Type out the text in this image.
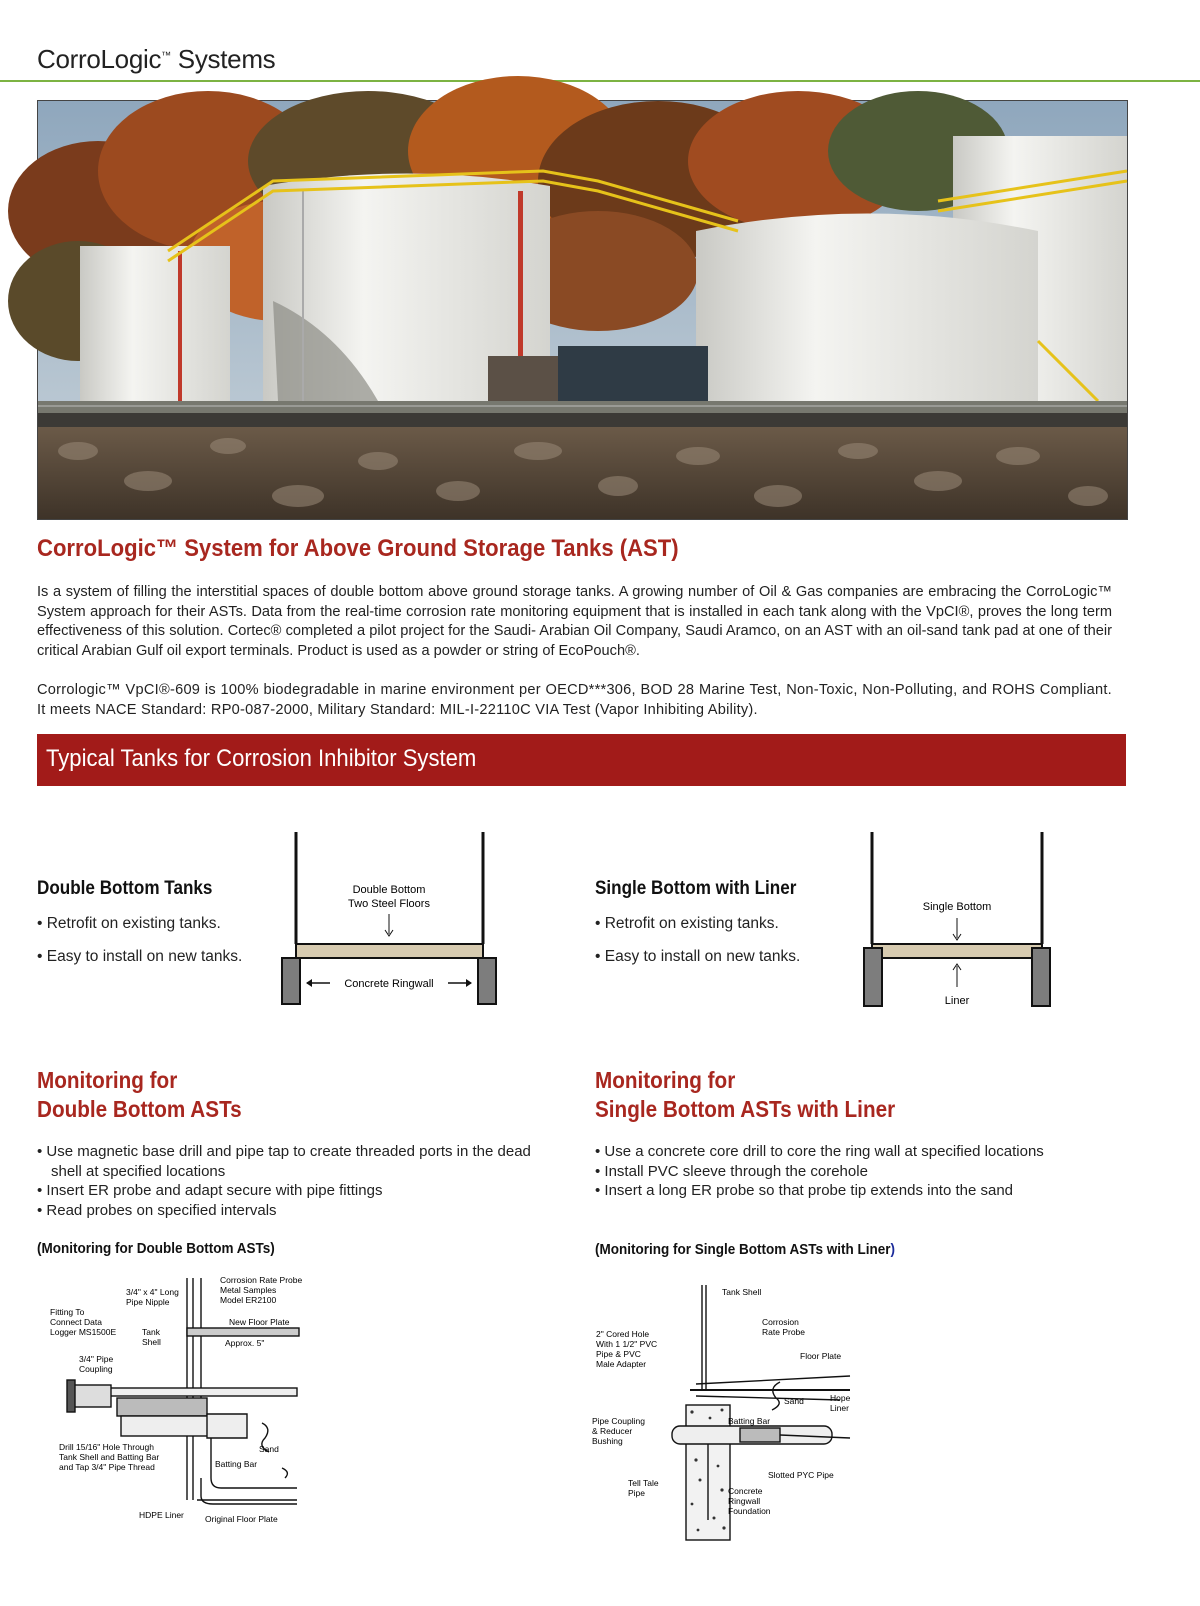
CorroLogic™ Systems
CorroLogic™ System for Above Ground Storage Tanks (AST)
Is a system of filling the interstitial spaces of double bottom above ground storage tanks. A growing number of Oil & Gas companies are embracing the CorroLogic™ System approach for their ASTs. Data from the real-time corrosion rate monitoring equipment that is installed in each tank along with the VpCI®, proves the long term effectiveness of this solution. Cortec® completed a pilot project for the Saudi- Arabian Oil Company, Saudi Aramco, on an AST with an oil-sand tank pad at one of their critical Arabian Gulf oil export terminals. Product is used as a powder or string of EcoPouch®.
Corrologic™ VpCI®-609 is 100% biodegradable in marine environment per OECD***306, BOD 28 Marine Test, Non-Toxic, Non-Polluting, and ROHS Compliant. It meets NACE Standard: RP0-087-2000, Military Standard: MIL-I-22110C VIA Test (Vapor Inhibiting Ability).
Typical Tanks for Corrosion Inhibitor System
Double Bottom Tanks
• Retrofit on existing tanks.
• Easy to install on new tanks.
Double Bottom
Two Steel Floors
Concrete Ringwall
Single Bottom with Liner
• Retrofit on existing tanks.
• Easy to install on new tanks.
Single Bottom
Liner
Monitoring for
Double Bottom ASTs
• Use magnetic base drill and pipe tap to create threaded ports in the dead shell at specified locations
• Insert ER probe and adapt secure with pipe fittings
• Read probes on specified intervals
(Monitoring for Double Bottom ASTs)
Corrosion Rate Probe
Metal Samples
Model ER2100
3/4" x 4" Long
Pipe Nipple
Fitting To
Connect Data
Logger MS1500E
New Floor Plate
Tank
Shell	Approx. 5"
3/4" Pipe
Coupling
Drill 15/16" Hole Through
Tank Shell and Batting Bar
and Tap 3/4" Pipe Thread
Sand
Batting Bar
HDPE Liner Original Floor Plate
Monitoring for
Single Bottom ASTs with Liner
• Use a concrete core drill to core the ring wall at specified locations
• Install PVC sleeve through the corehole
• Insert a long ER probe so that probe tip extends into the sand
(Monitoring for Single Bottom ASTs with Liner)
Tank Shell
Corrosion
Rate Probe
2" Cored Hole
With 1 1/2" PVC
Pipe & PVC
Male Adapter
Floor Plate
Sand	Hope
Liner
Pipe Coupling
& Reducer
Bushing
Batting Bar
Slotted PYC Pipe
Tell Tale
Pipe	Concrete
Ringwall
Foundation
